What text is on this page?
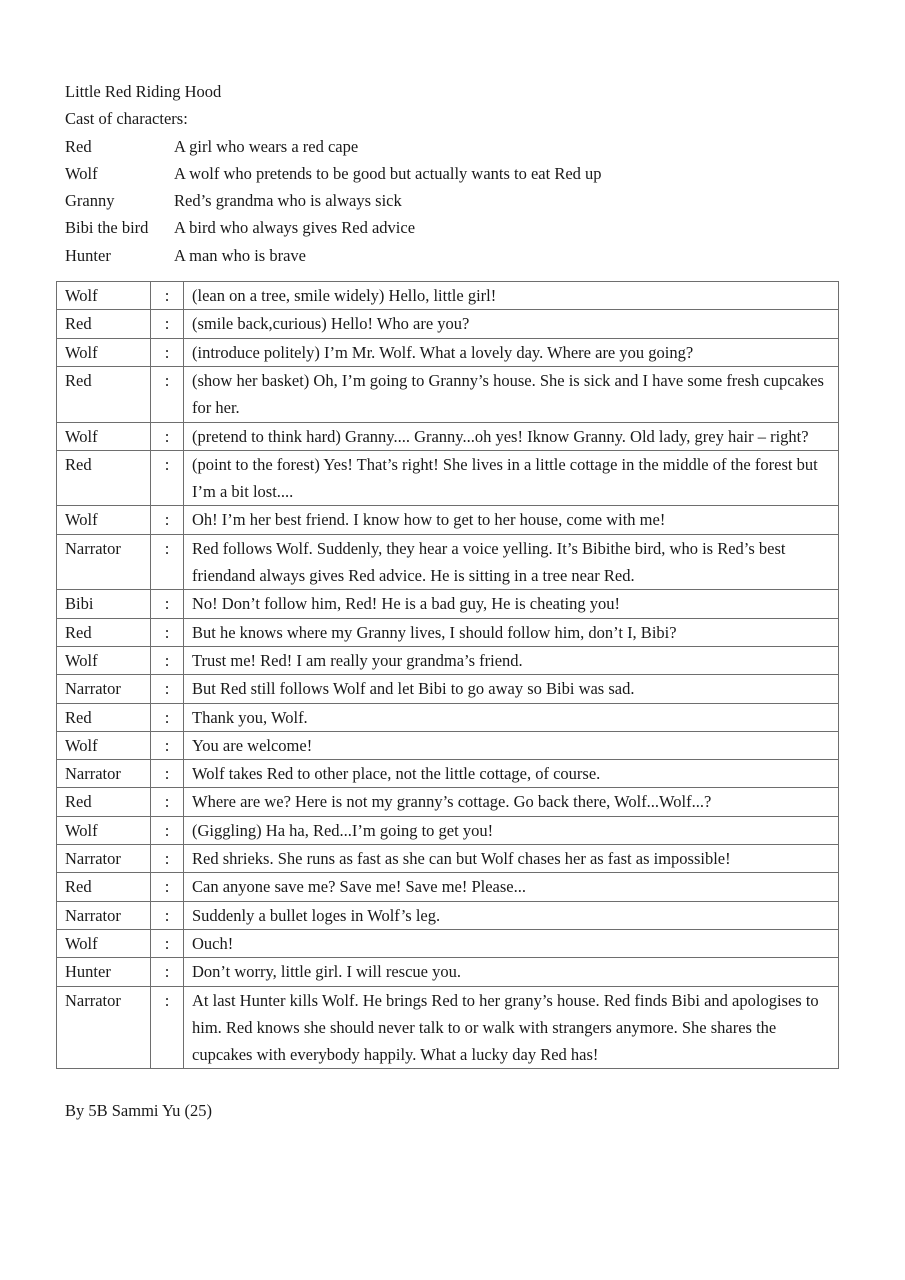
Little Red Riding Hood
Cast of characters:
Red	A girl who wears a red cape
Wolf	A wolf who pretends to be good but actually wants to eat Red up
Granny	Red’s grandma who is always sick
Bibi the bird	A bird who always gives Red advice
Hunter	A man who is brave
Wolf	:	(lean on a tree, smile widely) Hello, little girl!
Red	:	(smile back,curious) Hello! Who are you?
Wolf	:	(introduce politely) I’m Mr. Wolf. What a lovely day. Where are you going?
Red	:	(show her basket) Oh, I’m going to Granny’s house. She is sick and I have some fresh cupcakes for her.
Wolf	:	(pretend to think hard) Granny.... Granny...oh yes! Iknow Granny. Old lady, grey hair – right?
Red	:	(point to the forest) Yes! That’s right! She lives in a little cottage in the middle of the forest but I’m a bit lost....
Wolf	:	Oh! I’m her best friend. I know how to get to her house, come with me!
Narrator	:	Red follows Wolf. Suddenly, they hear a voice yelling. It’s Bibithe bird, who is Red’s best friendand always gives Red advice. He is sitting in a tree near Red.
Bibi	:	No! Don’t follow him, Red! He is a bad guy, He is cheating you!
Red	:	But he knows where my Granny lives, I should follow him, don’t I, Bibi?
Wolf	:	Trust me! Red! I am really your grandma’s friend.
Narrator	:	But Red still follows Wolf and let Bibi to go away so Bibi was sad.
Red	:	Thank you, Wolf.
Wolf	:	You are welcome!
Narrator	:	Wolf takes Red to other place, not the little cottage, of course.
Red	:	Where are we? Here is not my granny’s cottage. Go back there, Wolf...Wolf...?
Wolf	:	(Giggling) Ha ha, Red...I’m going to get you!
Narrator	:	Red shrieks. She runs as fast as she can but Wolf chases her as fast as impossible!
Red	:	Can anyone save me? Save me! Save me! Please...
Narrator	:	Suddenly a bullet loges in Wolf’s leg.
Wolf	:	Ouch!
Hunter	:	Don’t worry, little girl. I will rescue you.
Narrator	:	At last Hunter kills Wolf. He brings Red to her grany’s house. Red finds Bibi and apologises to him. Red knows she should never talk to or walk with strangers anymore. She shares the cupcakes with everybody happily. What a lucky day Red has!
By 5B Sammi Yu (25)
